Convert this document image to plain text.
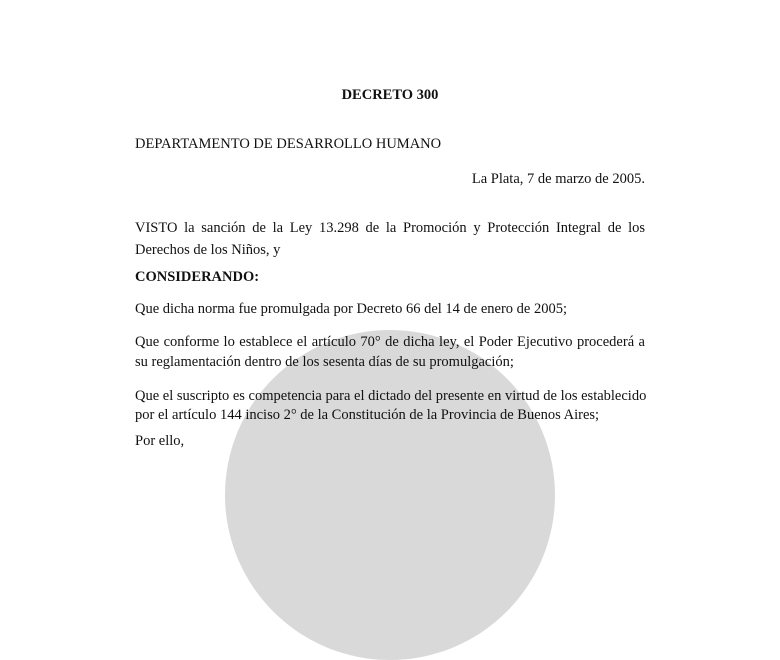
DECRETO 300
DEPARTAMENTO DE DESARROLLO HUMANO
La Plata, 7 de marzo de 2005.
VISTO la sanción de la Ley 13.298 de la Promoción y Protección Integral de los
Derechos de los Niños, y
CONSIDERANDO:
Que dicha norma fue promulgada por Decreto 66 del 14 de enero de 2005;
Que conforme lo establece el artículo 70° de dicha ley, el Poder Ejecutivo procederá a
su reglamentación dentro de los sesenta días de su promulgación;
Que el suscripto es competencia para el dictado del presente en virtud de los establecido
por el artículo 144 inciso 2° de la Constitución de la Provincia de Buenos Aires;
Por ello,
